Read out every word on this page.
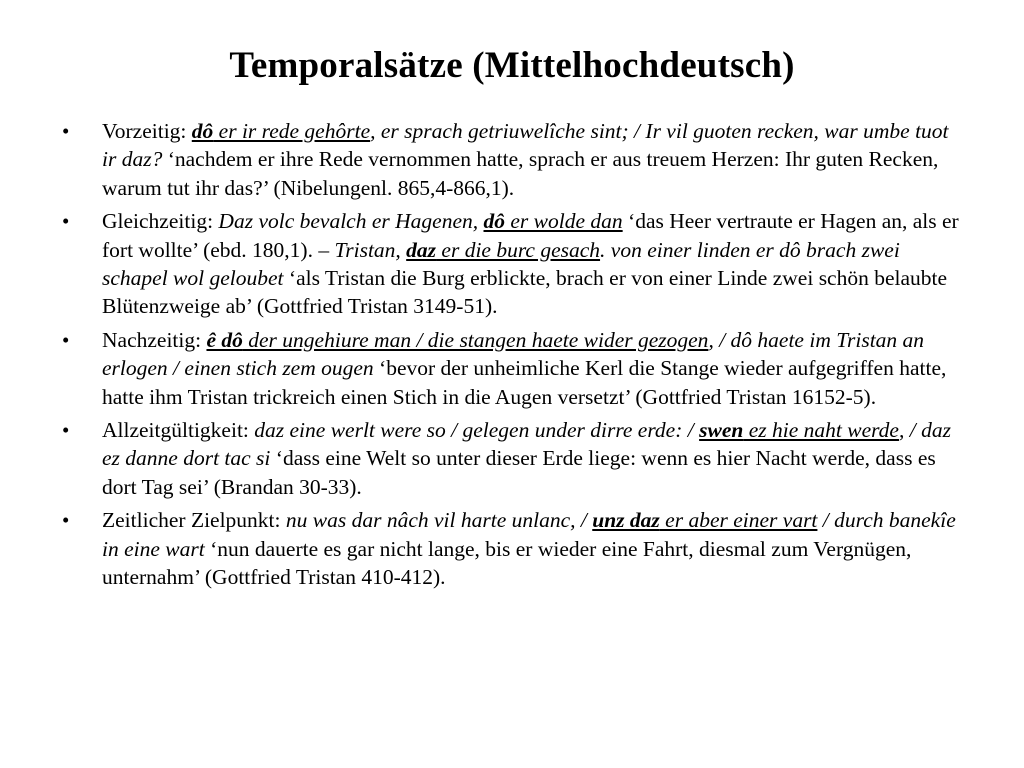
Temporalsätze (Mittelhochdeutsch)
• Vorzeitig: dô er ir rede gehôrte, er sprach getriuwelîche sint; / Ir vil guoten recken, war umbe tuot ir daz? ‘nachdem er ihre Rede vernommen hatte, sprach er aus treuem Herzen: Ihr guten Recken, warum tut ihr das?’ (Nibelungenl. 865,4-866,1).
• Gleichzeitig: Daz volc bevalch er Hagenen, dô er wolde dan ‘das Heer vertraute er Hagen an, als er fort wollte’ (ebd. 180,1). – Tristan, daz er die burc gesach. von einer linden er dô brach zwei schapel wol geloubet ‘als Tristan die Burg erblickte, brach er von einer Linde zwei schön belaubte Blütenzweige ab’ (Gottfried Tristan 3149-51).
• Nachzeitig: ê dô der ungehiure man / die stangen haete wider gezogen, / dô haete im Tristan an erlogen / einen stich zem ougen ‘bevor der unheimliche Kerl die Stange wieder aufgegriffen hatte, hatte ihm Tristan trickreich einen Stich in die Augen versetzt’ (Gottfried Tristan 16152-5).
• Allzeitgültigkeit: daz eine werlt were so / gelegen under dirre erde: / swen ez hie naht werde, / daz ez danne dort tac si ‘dass eine Welt so unter dieser Erde liege: wenn es hier Nacht werde, dass es dort Tag sei’ (Brandan 30-33).
• Zeitlicher Zielpunkt: nu was dar nâch vil harte unlanc, / unz daz er aber einer vart / durch banekîe in eine wart ‘nun dauerte es gar nicht lange, bis er wieder eine Fahrt, diesmal zum Vergnügen, unternahm’ (Gottfried Tristan 410-412).
